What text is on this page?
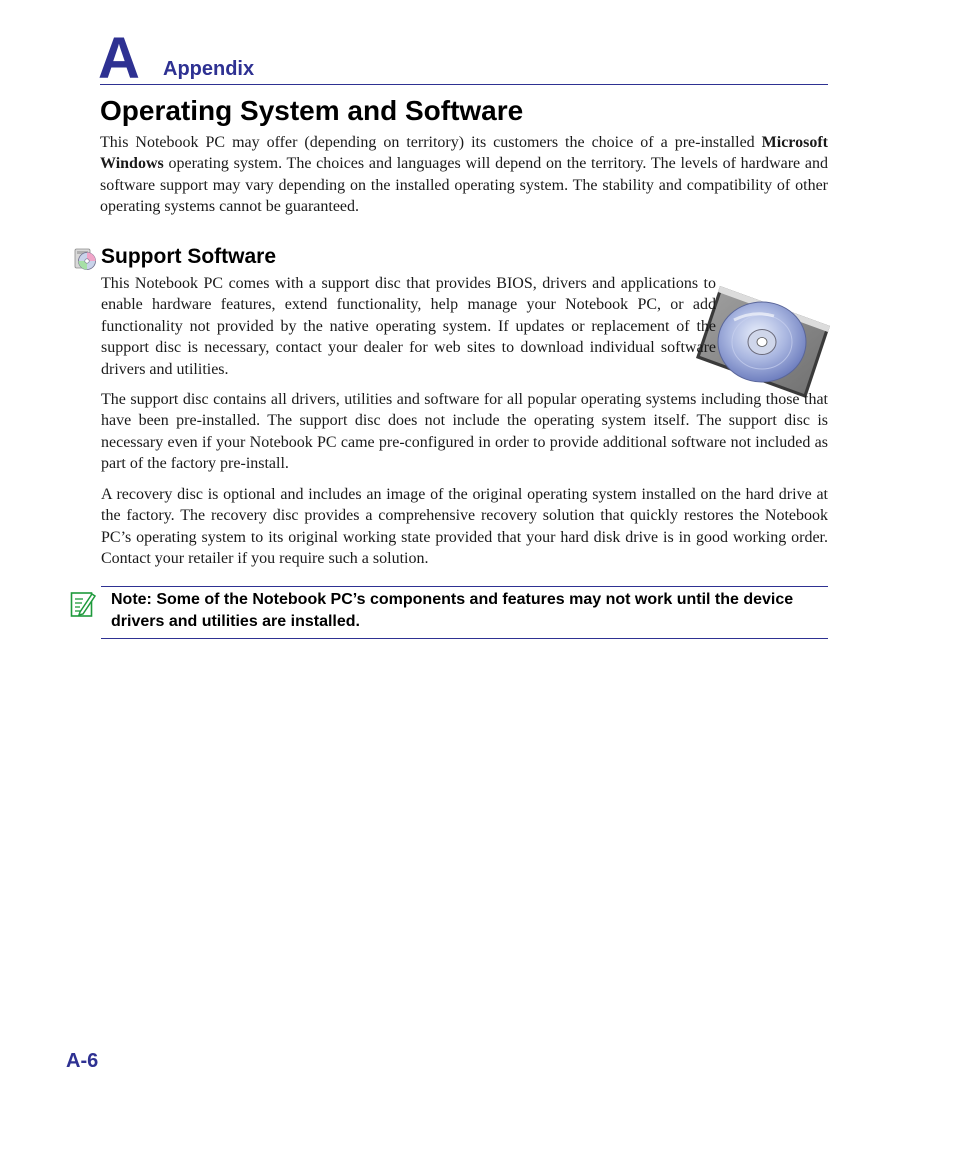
A Appendix
Operating System and Software

This Notebook PC may offer (depending on territory) its customers the choice of a pre-installed Microsoft Windows operating system. The choices and languages will depend on the territory. The levels of hardware and software support may vary depending on the installed operating system. The stability and compatibility of other operating systems cannot be guaranteed.

Support Software
This Notebook PC comes with a support disc that provides BIOS, drivers and applications to enable hardware features, extend functionality, help manage your Notebook PC, or add functionality not provided by the native operating system. If updates or replacement of the support disc is necessary, contact your dealer for web sites to download individual software drivers and utilities.

The support disc contains all drivers, utilities and software for all popular operating systems including those that have been pre-installed. The support disc does not include the operating system itself. The support disc is necessary even if your Notebook PC came pre-configured in order to provide additional software not included as part of the factory pre-install.

A recovery disc is optional and includes an image of the original operating system installed on the hard drive at the factory. The recovery disc provides a comprehensive recovery solution that quickly restores the Notebook PC’s operating system to its original working state provided that your hard disk drive is in good working order. Contact your retailer if you require such a solution.

Note: Some of the Notebook PC’s components and features may not work until the device drivers and utilities are installed.

A-6
